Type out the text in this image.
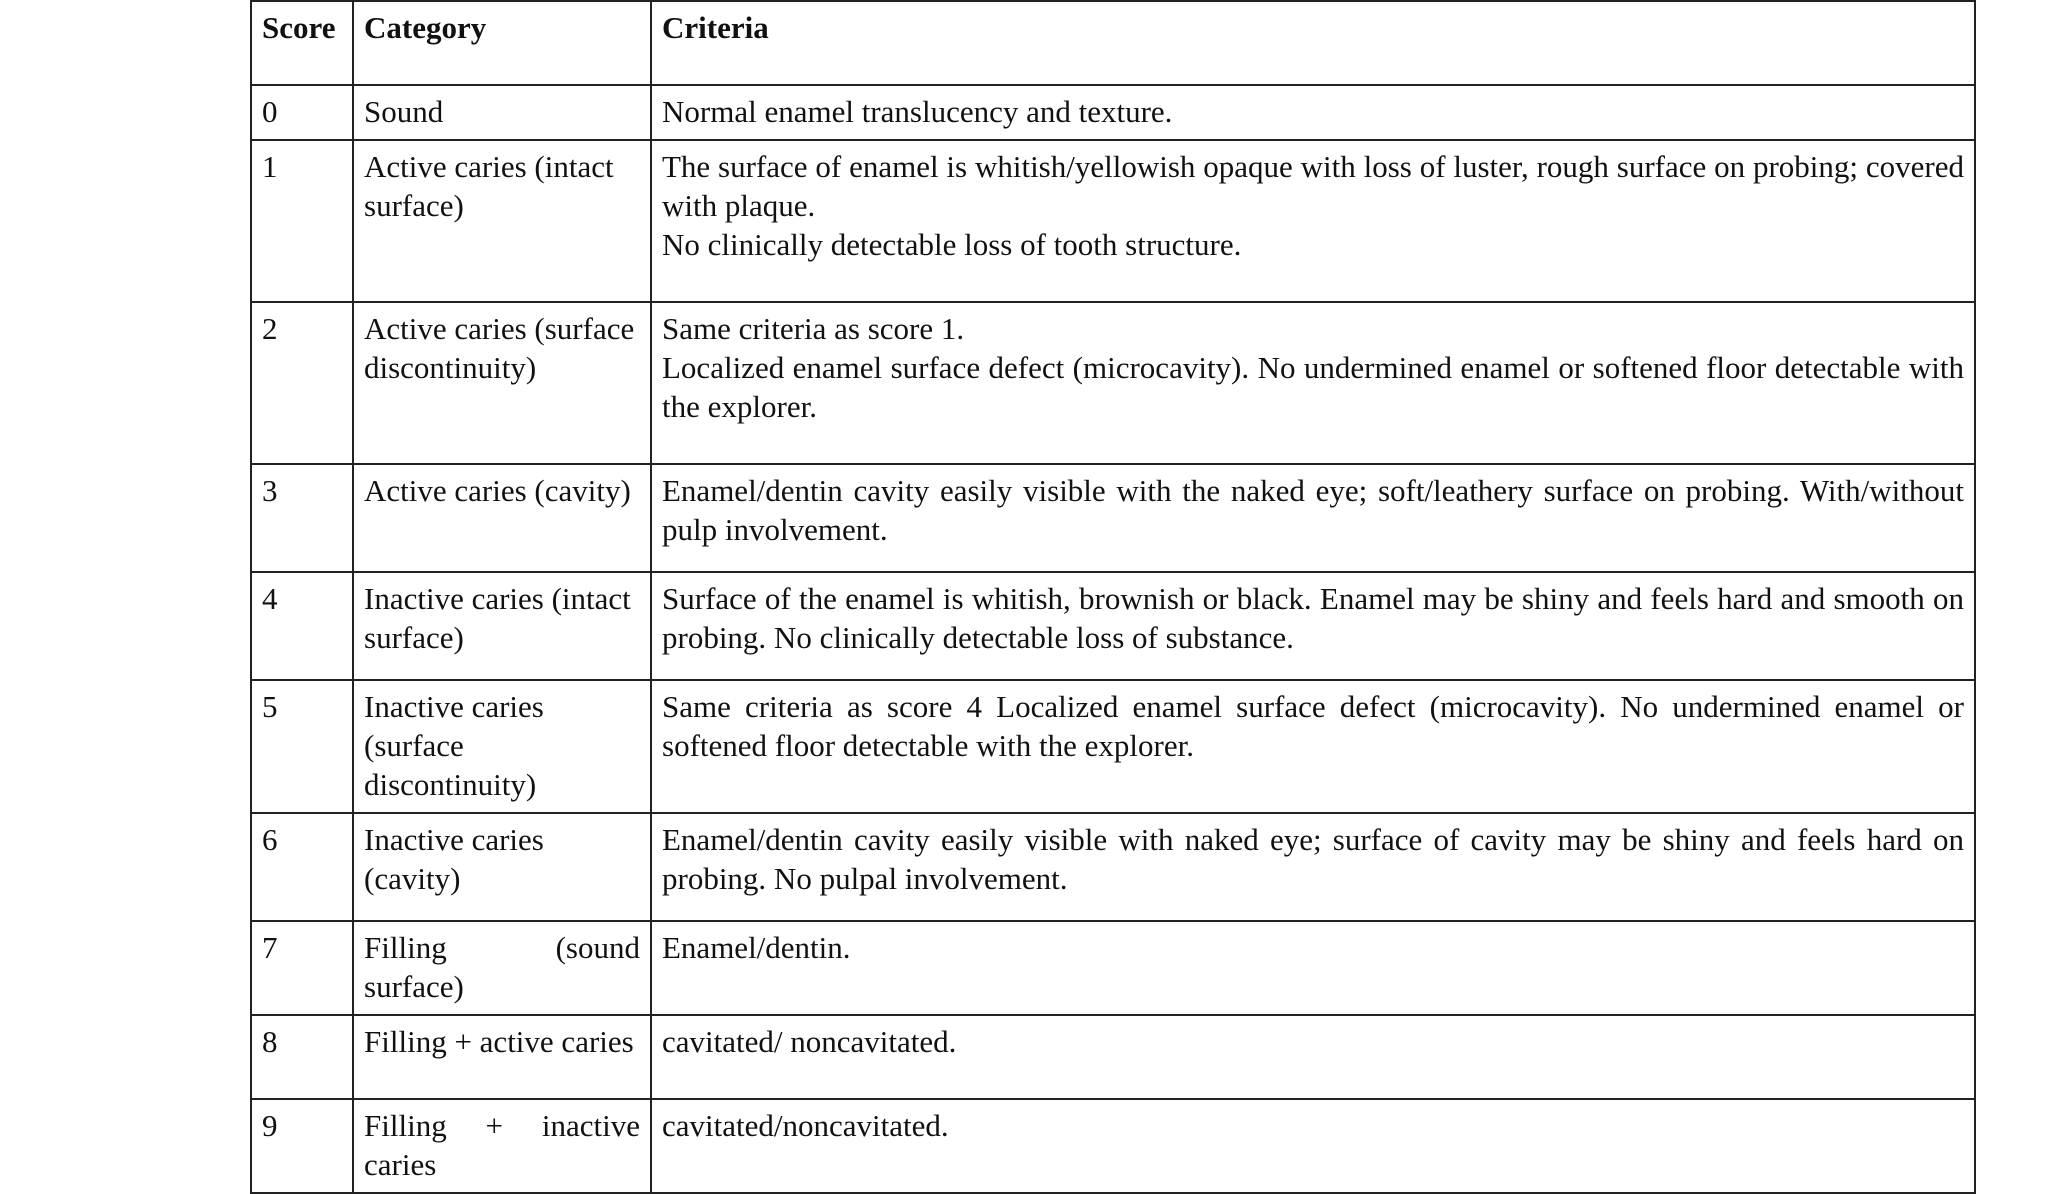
Score	Category	Criteria
0	Sound	Normal enamel translucency and texture.

1	Active caries (intact surface)	The surface of enamel is whitish/yellowish opaque with loss of luster, rough surface on probing; covered with plaque.
No clinically detectable loss of tooth structure.

2	Active caries (surface discontinuity)	Same criteria as score 1.
Localized enamel surface defect (microcavity). No undermined enamel or softened floor detectable with the explorer.

3	Active caries (cavity)	Enamel/dentin cavity easily visible with the naked eye; soft/leathery surface on probing. With/without pulp involvement.

4	Inactive caries (intact surface)	Surface of the enamel is whitish, brownish or black. Enamel may be shiny and feels hard and smooth on probing. No clinically detectable loss of substance.

5	Inactive caries (surface discontinuity)	Same criteria as score 4 Localized enamel surface defect (microcavity). No undermined enamel or softened floor detectable with the explorer.

6	Inactive caries (cavity)	Enamel/dentin cavity easily visible with naked eye; surface of cavity may be shiny and feels hard on probing. No pulpal involvement.

7	Filling (sound surface)	Enamel/dentin.

8	Filling + active caries	cavitated/ noncavitated.

9	Filling + inactive caries	cavitated/noncavitated.
